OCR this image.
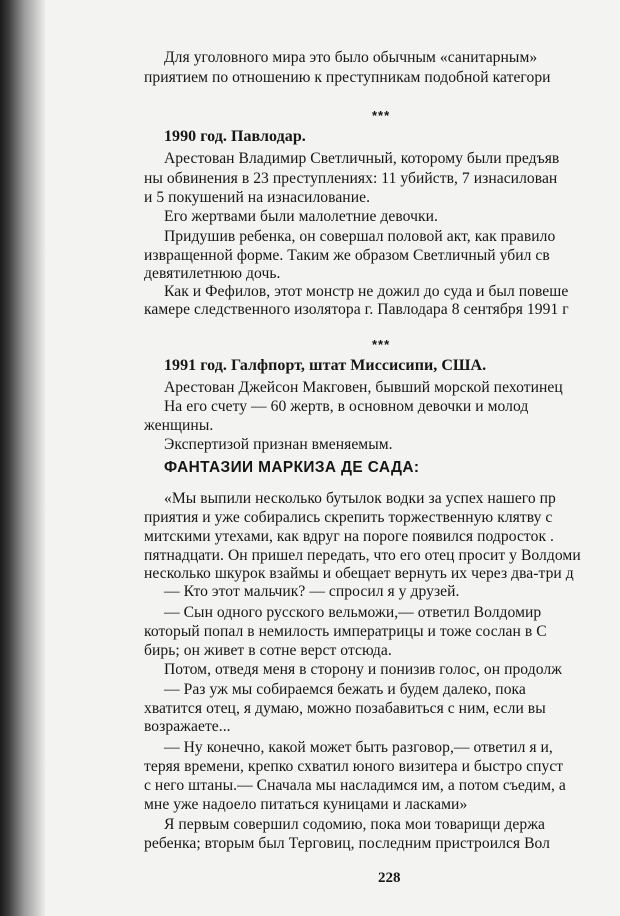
Для уголовного мира это было обычным «санитарным»
приятием по отношению к преступникам подобной категори
***
1990 год. Павлодар.
Арестован Владимир Светличный, которому были предъяв
ны обвинения в 23 преступлениях: 11 убийств, 7 изнасилован
и 5 покушений на изнасилование.
Его жертвами были малолетние девочки.
Придушив ребенка, он совершал половой акт, как правило
извращенной форме. Таким же образом Светличный убил св
девятилетнюю дочь.
Как и Фефилов, этот монстр не дожил до суда и был повеше
камере следственного изолятора г. Павлодара 8 сентября 1991 г
***
1991 год. Галфпорт, штат Миссисипи, США.
Арестован Джейсон Макговен, бывший морской пехотинец
На его счету — 60 жертв, в основном девочки и молод
женщины.
Экспертизой признан вменяемым.
ФАНТАЗИИ МАРКИЗА ДЕ САДА:
«Мы выпили несколько бутылок водки за успех нашего пр
приятия и уже собирались скрепить торжественную клятву с
митскими утехами, как вдруг на пороге появился подросток .
пятнадцати. Он пришел передать, что его отец просит у Волдоми
несколько шкурок взаймы и обещает вернуть их через два-три д
— Кто этот мальчик? — спросил я у друзей.
— Сын одного русского вельможи,— ответил Волдомир
который попал в немилость императрицы и тоже сослан в С
бирь; он живет в сотне верст отсюда.
Потом, отведя меня в сторону и понизив голос, он продолж
— Раз уж мы собираемся бежать и будем далеко, пока
хватится отец, я думаю, можно позабавиться с ним, если вы
возражаете...
— Ну конечно, какой может быть разговор,— ответил я и,
теряя времени, крепко схватил юного визитера и быстро спуст
с него штаны.— Сначала мы насладимся им, а потом съедим, а
мне уже надоело питаться куницами и ласками»
Я первым совершил содомию, пока мои товарищи держа
ребенка; вторым был Терговиц, последним пристроился Вол
228
